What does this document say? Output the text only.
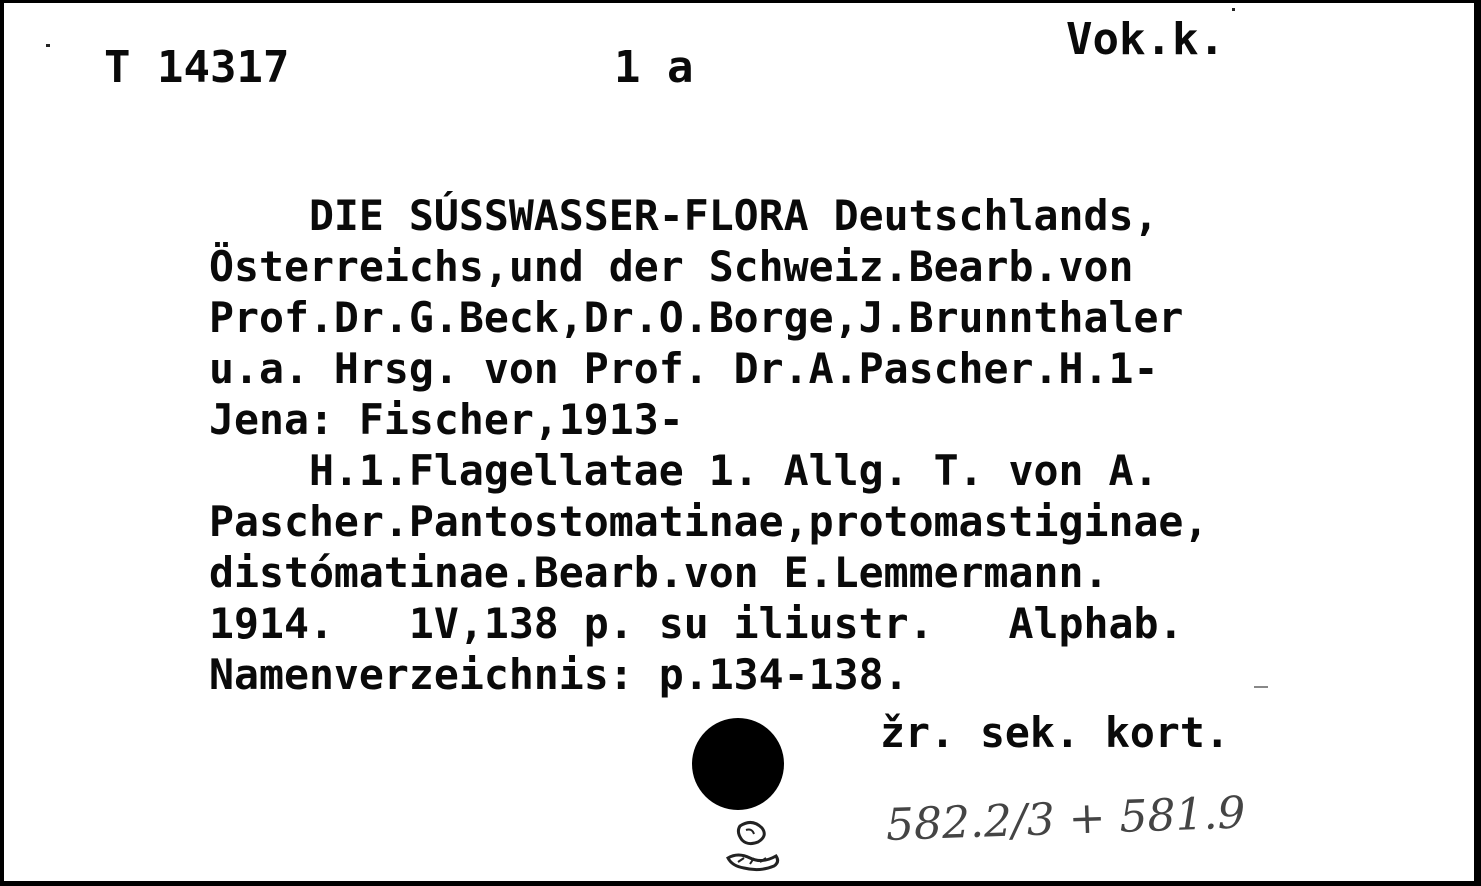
T 14317	1 a
Vok.k.
DIE SÚSSWASSER-FLORA Deutschlands,
Österreichs,und der Schweiz.Bearb.von
Prof.Dr.G.Beck,Dr.O.Borge,J.Brunnthaler
u.a. Hrsg. von Prof. Dr.A.Pascher.H.1-
Jena: Fischer,1913-
H.1.Flagellatae 1. Allg. T. von A.
Pascher.Pantostomatinae,protomastiginae,
distómatinae.Bearb.von E.Lemmermann.
1914.   1V,138 p. su iliustr.   Alphab.
Namenverzeichnis: p.134-138.
žr. sek. kort.
582.2/3 + 581.9
